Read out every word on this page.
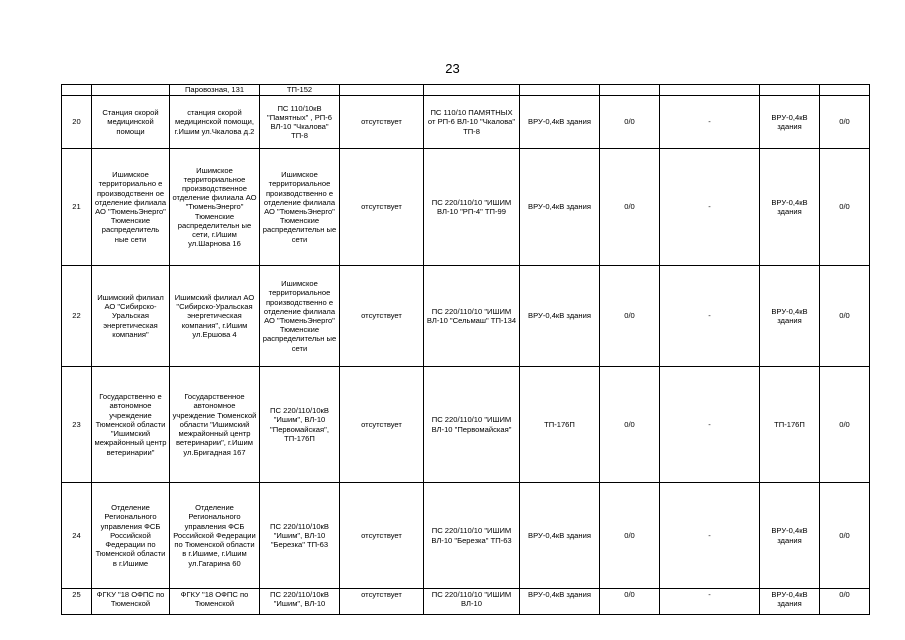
23
		Паровозная, 131	ТП-152							
20	Станция скорой медицинской помощи	станция скорой медицинской помощи, г.Ишим ул.Чкалова д.2	ПС 110/10кВ "Памятных" , РП-6 ВЛ-10 "Чкалова" ТП-8	отсутствует	ПС 110/10 ПАМЯТНЫХ от РП-6 ВЛ-10 "Чкалова" ТП-8	ВРУ-0,4кВ здания	0/0	-	ВРУ-0,4кВ здания	0/0
21	Ишимское территориально е производственн ое отделение филиала АО "ТюменьЭнерго" Тюменские распределитель ные сети	Ишимское территориальное производственное отделение филиала АО "ТюменьЭнерго" Тюменские распределительн ые сети, г.Ишим ул.Шарнова 16	Ишимское территориальное производственно е отделение филиала АО "ТюменьЭнерго" Тюменские распределительн ые сети	отсутствует	ПС 220/110/10 "ИШИМ ВЛ-10 "РП-4" ТП-99	ВРУ-0,4кВ здания	0/0	-	ВРУ-0,4кВ здания	0/0
22	Ишимский филиал АО "Сибирско-Уральская энергетическая компания"	Ишимский филиал АО "Сибирско-Уральская энергетическая компания", г.Ишим ул.Ершова 4	Ишимское территориальное производственно е отделение филиала АО "ТюменьЭнерго" Тюменские распределительн ые сети	отсутствует	ПС 220/110/10 "ИШИМ ВЛ-10 "Сельмаш" ТП-134	ВРУ-0,4кВ здания	0/0	-	ВРУ-0,4кВ здания	0/0
23	Государственно е автономное учреждение Тюменской области "Ишимский межрайонный центр ветеринарии"	Государственное автономное учреждение Тюменской области "Ишимский межрайонный центр ветеринарии", г.Ишим ул.Бригадная 167	ПС 220/110/10кВ "Ишим", ВЛ-10 "Первомайская", ТП-176П	отсутствует	ПС 220/110/10 "ИШИМ ВЛ-10 "Первомайская"	ТП-176П	0/0	-	ТП-176П	0/0
24	Отделение Регионального управления ФСБ Российской Федерации по Тюменской области в г.Ишиме	Отделение Регионального управления ФСБ Российской Федерации по Тюменской области в г.Ишиме, г.Ишим ул.Гагарина 60	ПС 220/110/10кВ "Ишим", ВЛ-10 "Березка" ТП-63	отсутствует	ПС 220/110/10 "ИШИМ ВЛ-10 "Березка" ТП-63	ВРУ-0,4кВ здания	0/0	-	ВРУ-0,4кВ здания	0/0
25	ФГКУ "18 ОФПС по Тюменской	ФГКУ "18 ОФПС по Тюменской	ПС 220/110/10кВ "Ишим", ВЛ-10	отсутствует	ПС 220/110/10 "ИШИМ ВЛ-10	ВРУ-0,4кВ здания	0/0	-	ВРУ-0,4кВ здания	0/0
